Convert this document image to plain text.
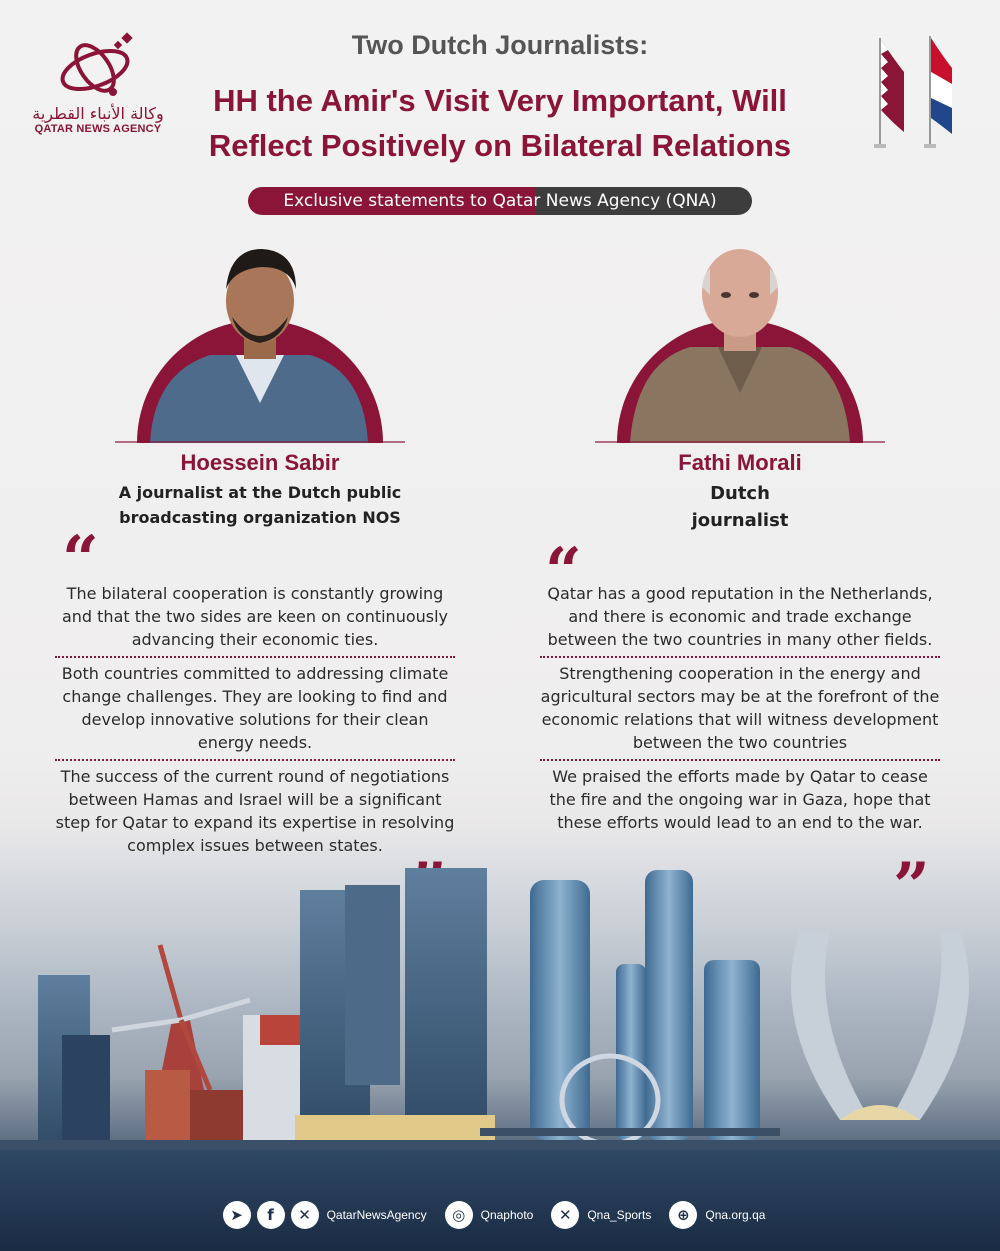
وكالة الأنباء القطرية
QATAR NEWS AGENCY
Two Dutch Journalists:
HH the Amir's Visit Very Important, Will
Reflect Positively on Bilateral Relations
Exclusive statements to Qatar News Agency (QNA)
Hoessein Sabir
A journalist at the Dutch public
broadcasting organization NOS
Fathi Morali
Dutch
journalist
“	“
”
The bilateral cooperation is constantly growing and that the two sides are keen on continuously advancing their economic ties.
Both countries committed to addressing climate change challenges. They are looking to find and develop innovative solutions for their clean energy needs.
The success of the current round of negotiations between Hamas and Israel will be a significant step for Qatar to expand its expertise in resolving complex issues between states.
Qatar has a good reputation in the Netherlands, and there is economic and trade exchange between the two countries in many other fields.
Strengthening cooperation in the energy and agricultural sectors may be at the forefront of the economic relations that will witness development between the two countries
We praised the efforts made by Qatar to cease the fire and the ongoing war in Gaza, hope that these efforts would lead to an end to the war.
➤	f	✕	QatarNewsAgency	◎	Qnaphoto	✕	Qna_Sports	⊕	Qna.org.qa
